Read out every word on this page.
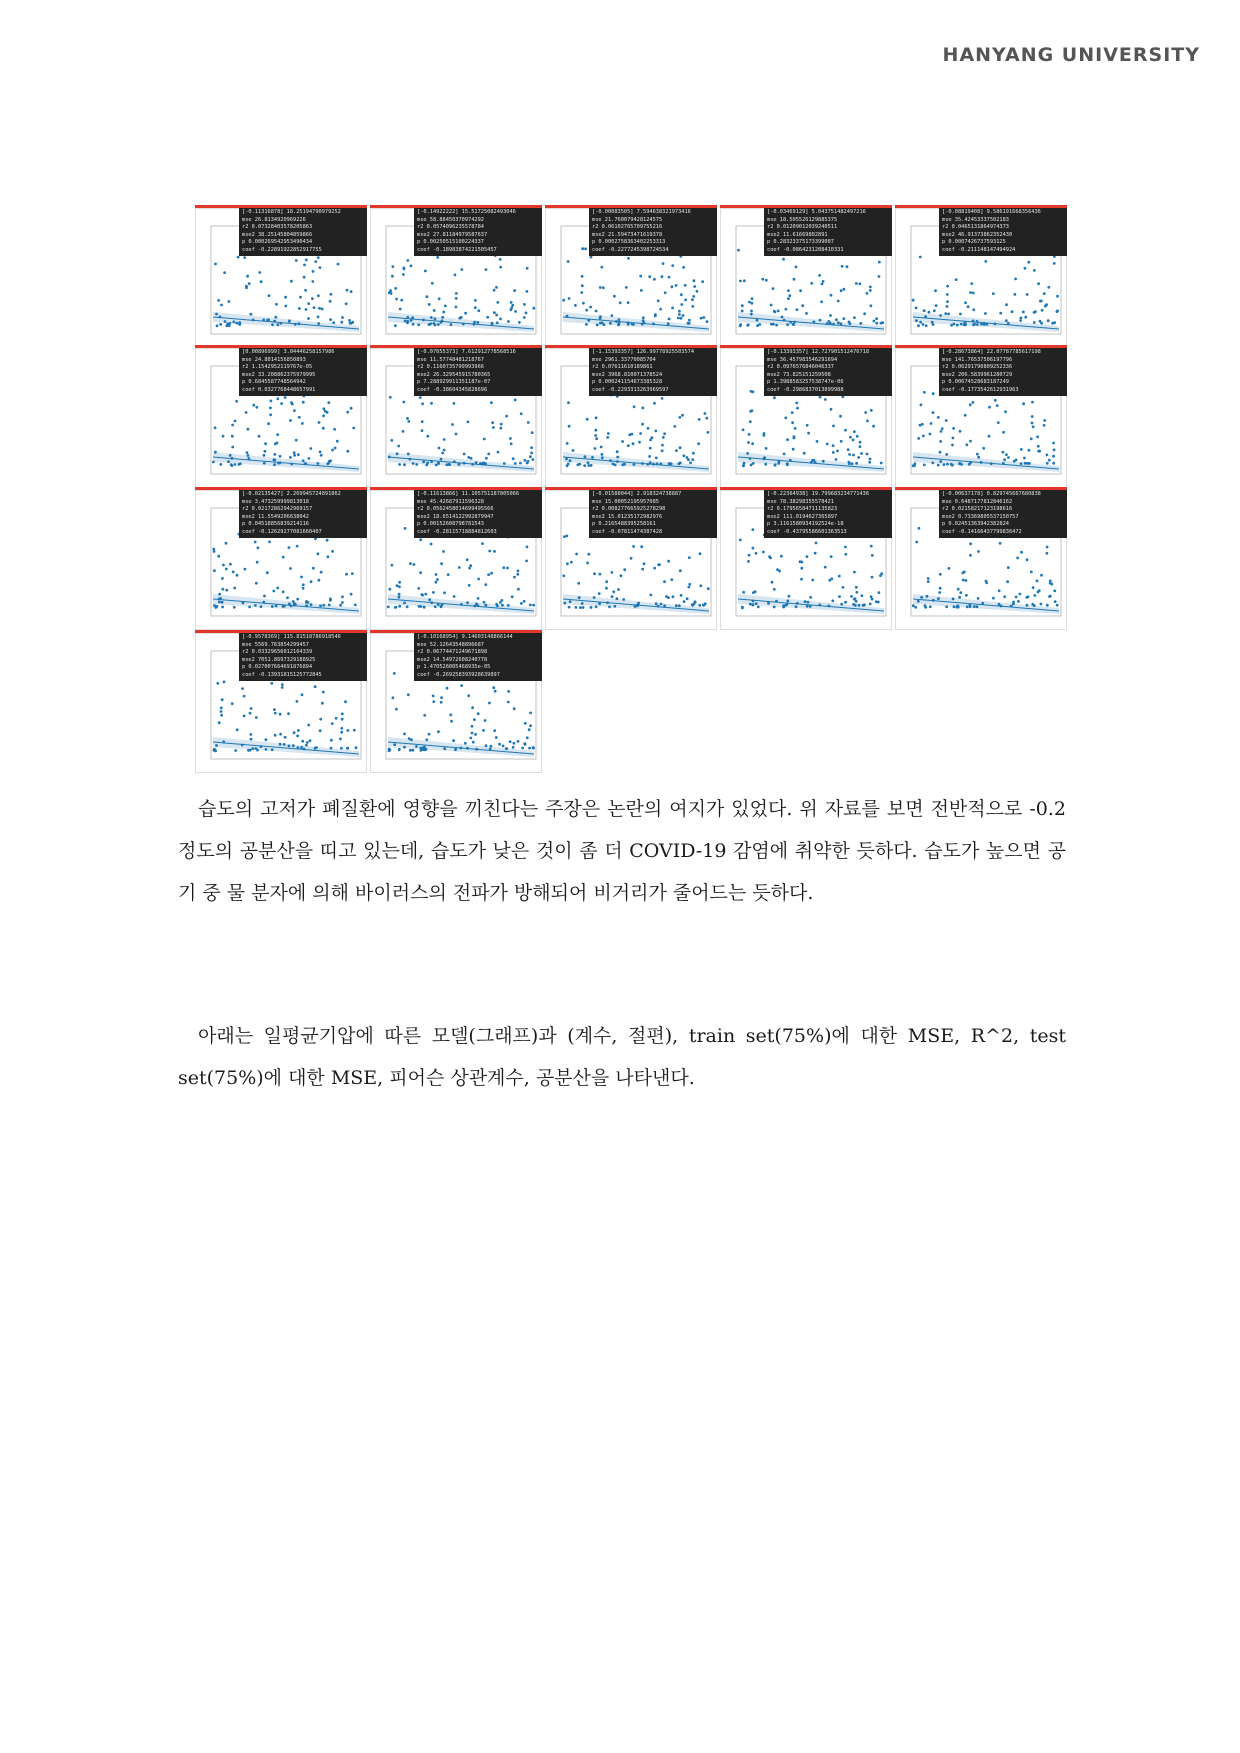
HANYANG UNIVERSITY
[-0.11316878] 18.25194790979252
mse 26.8134920969226
r2 0.07328403578205863
mse2 38.25145804859866
p 0.000269542953490434
coef -0.22891922852917755
[-0.14922222] 15.51725082493046
mse 58.88450370974292
r2 0.0574096235578784
mse2 27.81184979587637
p 0.00250515100224337
coef -0.18983874221505457
[-0.00083505] 7.594638321973416
mse 21.760079428124575
r2 0.06102765709755216
mse2 21.59473471619378
p 0.0002758363402253313
coef -0.2277245398724534
[-0.03469129] 5.043751482497216
mse 18.505526129885375
r2 0.01209012039240511
mse2 11.61669802891
p 0.28323375173399007
coef -0.0864231208410331
[-0.08819408] 9.586191668356436
mse 35.42453337502183
r2 0.0465131864974373
mse2 46.91373862352430
p 0.0007426737593125
coef -0.211148147494924
[0.00896999] 3.04446258157986
mse 24.8014156850893
r2 1.1542952119767e-05
mse2 33.208862375979995
p 0.6845587748564942
coef 0.0327768448657991
[-0.07055373] 7.612912778568516
mse 11.57748481218767
r2 0.1160735799993966
mse2 26.329545915780365
p 7.288929911351187e-07
coef -0.38604345828696
[-1.15393357] 126.99778925503574
mse 2961.33770085704
r2 0.07611610189861
mse2 3968.810071378524
p 0.000241154673385328
coef -0.2293313263969597
[-0.13393357] 12.727901512476718
mse 36.457983546291694
r2 0.0976576846046337
mse2 73.825151259508
p 1.3988583257538747e-06
coef -0.2986837013899988
[-0.28673864] 22.07787785617198
mse 141.76537506197796
r2 0.06291790809252336
mse2 206.5839961280729
p 0.00674528683187249
coef -0.1773542612931963
[-0.02135427] 2.269945724891862
mse 3.473259999813018
r2 0.02172862942969157
mse2 11.5549206638042
p 0.04518856839214116
coef -0.12629277081660407
[-0.11613866] 11.105751187805066
mse 45.42687911596328
r2 0.0562458014699495566
mse2 18.6514122992879947
p 0.00152608798781543
coef -0.28115718884812603
[-0.01588044] 2.918324738887
mse 15.00052195957085
r2 0.008277665925278298
mse2 15.01235172982976
p 0.2165488395258161
coef -0.07811474387428
[-0.22364938] 19.799683234771436
mse 78.38298355578421
r2 0.17956584711135823
mse2 111.0194627365897
p 3.1161580934192524e-18
coef -0.43795586601363513
[-0.00637178] 0.829745667680838
mse 0.6487177812846162
r2 0.02158217123198616
mse2 0.73369805537150757
p 0.02451363942382824
coef -0.14166437799836472
[-0.9578369] 115.81518786918546
mse 5569.763854299457
r2 0.03329656012164339
mse2 7051.8697329188925
p 0.027007664691876894
coef -0.13931815125772845
[-0.10168954] 9.14603148866144
mse 52.12643548896687
r2 0.06774471249671898
mse2 14.54972608240778
p 1.470526005468935e-05
coef -0.269258393928639897

습도의 고저가 폐질환에 영향을 끼친다는 주장은 논란의 여지가 있었다. 위 자료를 보면 전반적으로 -0.2정도의 공분산을 띠고 있는데, 습도가 낮은 것이 좀 더 COVID-19 감염에 취약한 듯하다. 습도가 높으면 공기 중 물 분자에 의해 바이러스의 전파가 방해되어 비거리가 줄어드는 듯하다.

아래는 일평균기압에 따른 모델(그래프)과 (계수, 절편), train set(75%)에 대한 MSE, R^2, test set(75%)에 대한 MSE, 피어슨 상관계수, 공분산을 나타낸다.
